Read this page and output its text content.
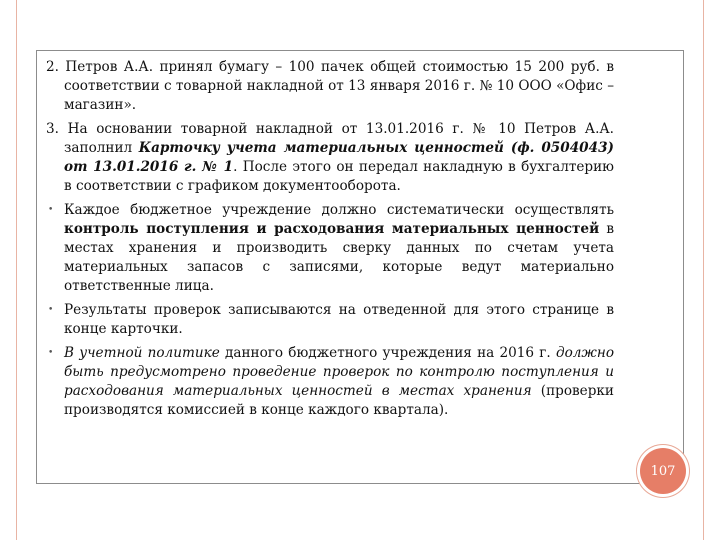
2. Петров А.А. принял бумагу – 100 пачек общей стоимостью 15 200 руб. в соответствии с товарной накладной от 13 января 2016 г. № 10 ООО «Офис – магазин».
3. На основании товарной накладной от 13.01.2016 г. № 10 Петров А.А. заполнил Карточку учета материальных ценностей (ф. 0504043) от 13.01.2016 г. № 1. После этого он передал накладную в бухгалтерию в соответствии с графиком документооборота.
• Каждое бюджетное учреждение должно систематически осуществлять контроль поступления и расходования материальных ценностей в местах хранения и производить сверку данных по счетам учета материальных запасов с записями, которые ведут материально ответственные лица.
• Результаты проверок записываются на отведенной для этого странице в конце карточки.
• В учетной политике данного бюджетного учреждения на 2016 г. должно быть предусмотрено проведение проверок по контролю поступления и расходования материальных ценностей в местах хранения (проверки производятся комиссией в конце каждого квартала).
107
